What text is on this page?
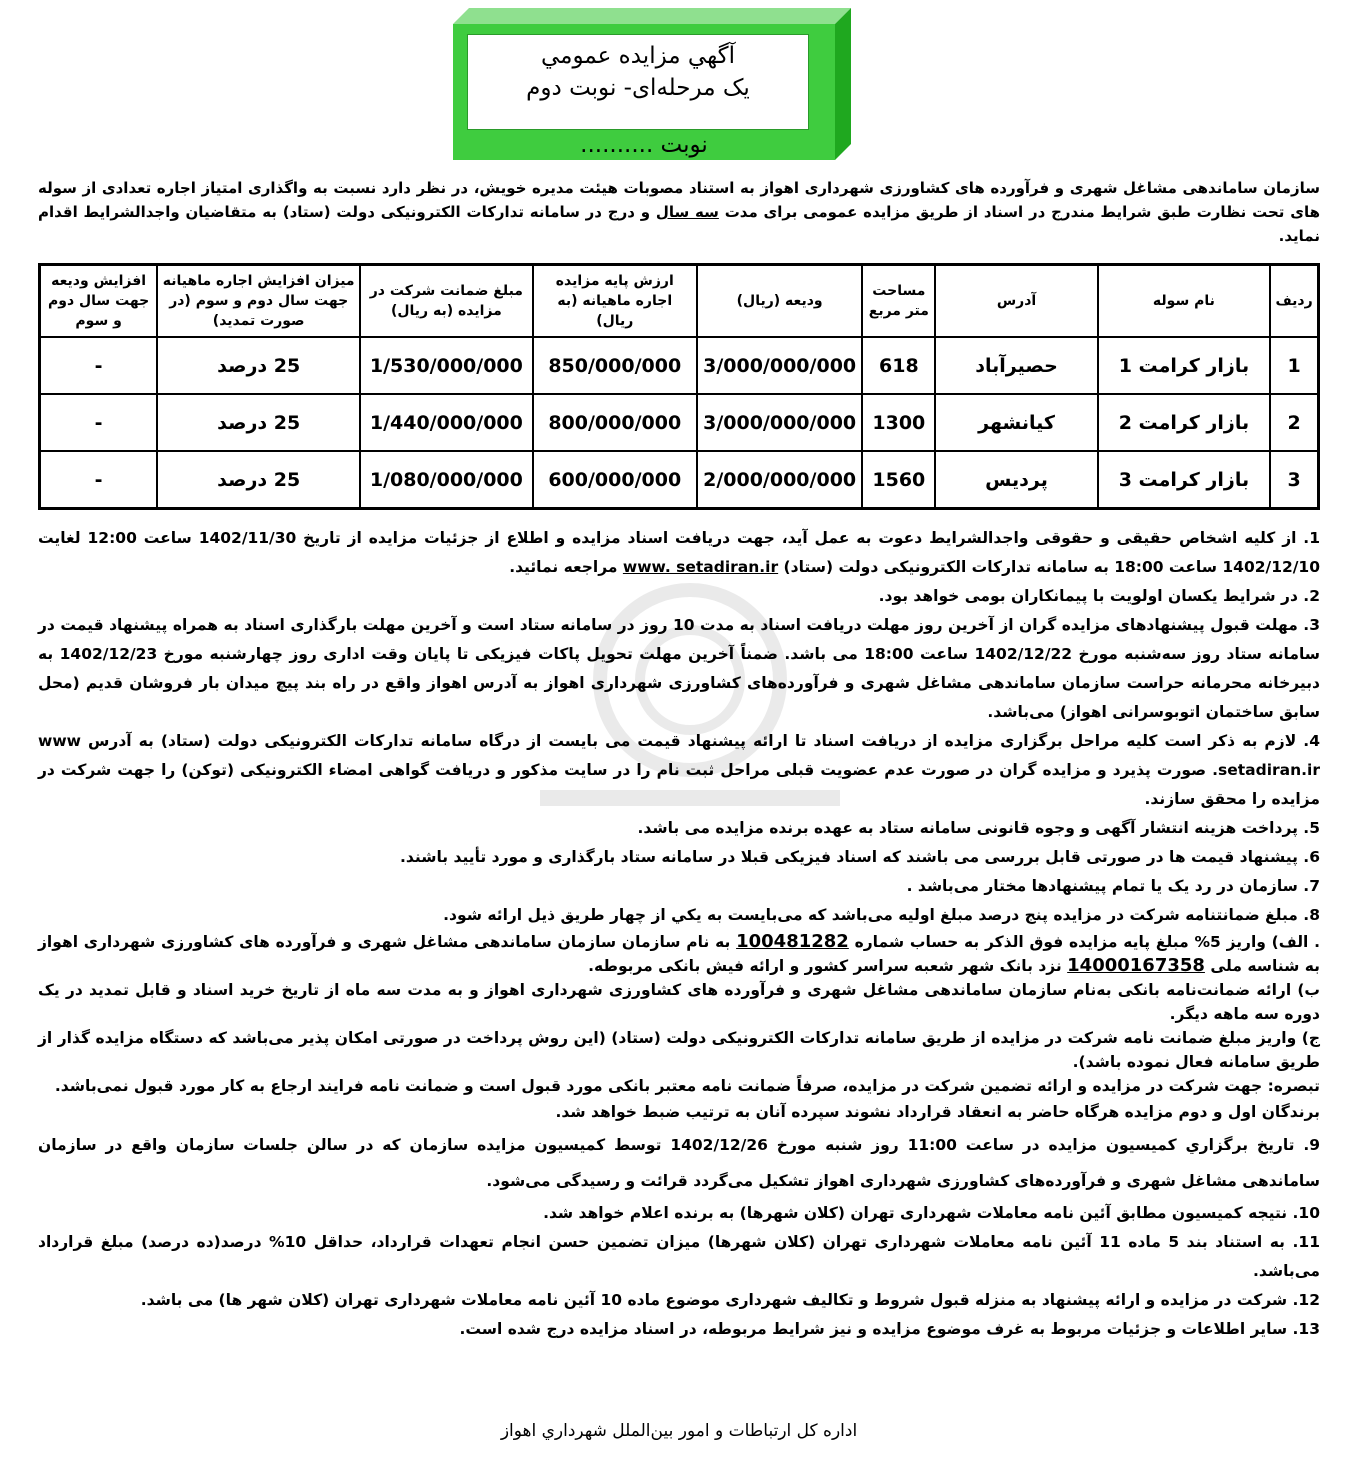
آگهي مزايده عمومي
یک مرحله‌ای- نوبت دوم
نوبت ..........
سازمان ساماندهی مشاغل شهری و فرآورده های کشاورزی شهرداری اهواز به استناد مصوبات هیئت مدیره خویش، در نظر دارد نسبت به واگذاری امتیاز اجاره تعدادی از سوله های تحت نظارت طبق شرایط مندرج در اسناد از طریق مزایده عمومی برای مدت سه سال و درج در سامانه تدارکات الکترونیکی دولت (ستاد) به متقاضیان واجدالشرایط اقدام نماید.
ردیف	نام سوله	آدرس	مساحت متر مربع	ودیعه (ریال)	ارزش پایه مزایده اجاره ماهیانه (به ریال)	مبلغ ضمانت شرکت در مزایده (به ریال)	میزان افزایش اجاره ماهیانه جهت سال دوم و سوم (در صورت تمدید)	افزایش ودیعه جهت سال دوم و سوم
1	بازار کرامت 1	حصیرآباد	618	3/000/000/000	850/000/000	1/530/000/000	25 درصد	-
2	بازار کرامت 2	کیانشهر	1300	3/000/000/000	800/000/000	1/440/000/000	25 درصد	-
3	بازار کرامت 3	پردیس	1560	2/000/000/000	600/000/000	1/080/000/000	25 درصد	-

1. از کلیه اشخاص حقیقی و حقوقی واجدالشرایط دعوت به عمل آید، جهت دریافت اسناد مزایده و اطلاع از جزئیات مزایده از تاریخ 1402/11/30 ساعت 12:00 لغایت 1402/12/10 ساعت 18:00 به سامانه تدارکات الکترونیکی دولت (ستاد) www. setadiran.ir مراجعه نمائید.

2. در شرایط یکسان اولویت با پیمانکاران بومی خواهد بود.

3. مهلت قبول پیشنهادهای مزایده گران از آخرین روز مهلت دریافت اسناد به مدت 10 روز در سامانه ستاد است و آخرین مهلت بارگذاری اسناد به همراه پیشنهاد قیمت در سامانه ستاد روز سه‌شنبه مورخ 1402/12/22 ساعت 18:00 می باشد. ضمناً آخرین مهلت تحویل پاکات فیزیکی تا پایان وقت اداری روز چهارشنبه مورخ 1402/12/23 به دبیرخانه محرمانه حراست سازمان ساماندهی مشاغل شهری و فرآورده‌های کشاورزی شهرداری اهواز به آدرس اهواز واقع در راه بند پیچ میدان بار فروشان قدیم (محل سابق ساختمان اتوبوسرانی اهواز) می‌باشد.

4. لازم به ذکر است کلیه مراحل برگزاری مزایده از دریافت اسناد تا ارائه پیشنهاد قیمت می بایست از درگاه سامانه تدارکات الکترونیکی دولت (ستاد) به آدرس www .setadiran.ir صورت پذیرد و مزایده گران در صورت عدم عضویت قبلی مراحل ثبت نام را در سایت مذکور و دریافت گواهی امضاء الکترونیکی (توکن) را جهت شرکت در مزایده را محقق سازند.

5. پرداخت هزینه انتشار آگهی و وجوه قانونی سامانه ستاد به عهده برنده مزایده می باشد.

6. پیشنهاد قیمت ها در صورتی قابل بررسی می باشند که اسناد فیزیکی قبلا در سامانه ستاد بارگذاری و مورد تأیید باشند.

7. سازمان در رد یک یا تمام پیشنهادها مختار می‌باشد .

8. مبلغ ضمانتنامه شرکت در مزایده پنج درصد مبلغ اولیه می‌باشد که می‌بایست به يكي از چهار طريق ذيل ارائه شود.

. الف) واریز 5% مبلغ پایه مزایده فوق الذکر به حساب شماره 100481282 به نام سازمان سازمان ساماندهی مشاغل شهری و فرآورده های کشاورزی شهرداری اهواز به شناسه ملی 14000167358 نزد بانک شهر شعبه سراسر کشور و ارائه فیش بانکی مربوطه.

ب) ارائه ضمانت‌نامه بانکی به‌نام سازمان ساماندهی مشاغل شهری و فرآورده های کشاورزی شهرداری اهواز و به مدت سه ماه از تاریخ خرید اسناد و قابل تمدید در یک دوره سه ماهه دیگر.

ج) واریز مبلغ ضمانت نامه شرکت در مزایده از طریق سامانه تدارکات الکترونیکی دولت (ستاد) (این روش پرداخت در صورتی امکان پذیر می‌باشد که دستگاه مزایده گذار از طریق سامانه فعال نموده باشد).

تبصره: جهت شرکت در مزایده و ارائه تضمین شرکت در مزایده، صرفاً ضمانت نامه معتبر بانکی مورد قبول است و ضمانت نامه فرایند ارجاع به کار مورد قبول نمی‌باشد.

برندگان اول و دوم مزایده هرگاه حاضر به انعقاد قرارداد نشوند سپرده آنان به ترتیب ضبط خواهد شد.

9. تاريخ برگزاري كميسيون مزايده در ساعت 11:00 روز شنبه مورخ 1402/12/26 توسط کمیسیون مزایده سازمان که در سالن جلسات سازمان واقع در سازمان ساماندهی مشاغل شهری و فرآورده‌های کشاورزی شهرداری اهواز تشکیل می‌گردد قرائت و رسیدگی می‌شود.

10. نتیجه کمیسیون مطابق آئین نامه معاملات شهرداری تهران (کلان شهرها) به برنده اعلام خواهد شد.

11. به استناد بند 5 ماده 11 آئین نامه معاملات شهرداری تهران (کلان شهرها) میزان تضمین حسن انجام تعهدات قرارداد، حداقل 10% درصد(ده درصد) مبلغ قرارداد می‌باشد.

12. شرکت در مزایده و ارائه پیشنهاد به منزله قبول شروط و تکالیف شهرداری موضوع ماده 10 آئین نامه معاملات شهرداری تهران (کلان شهر ها) می باشد.

13. سایر اطلاعات و جزئیات مربوط به غرف موضوع مزایده و نیز شرایط مربوطه، در اسناد مزایده درج شده است.

اداره کل ارتباطات و امور بین‌الملل شهرداري اهواز
